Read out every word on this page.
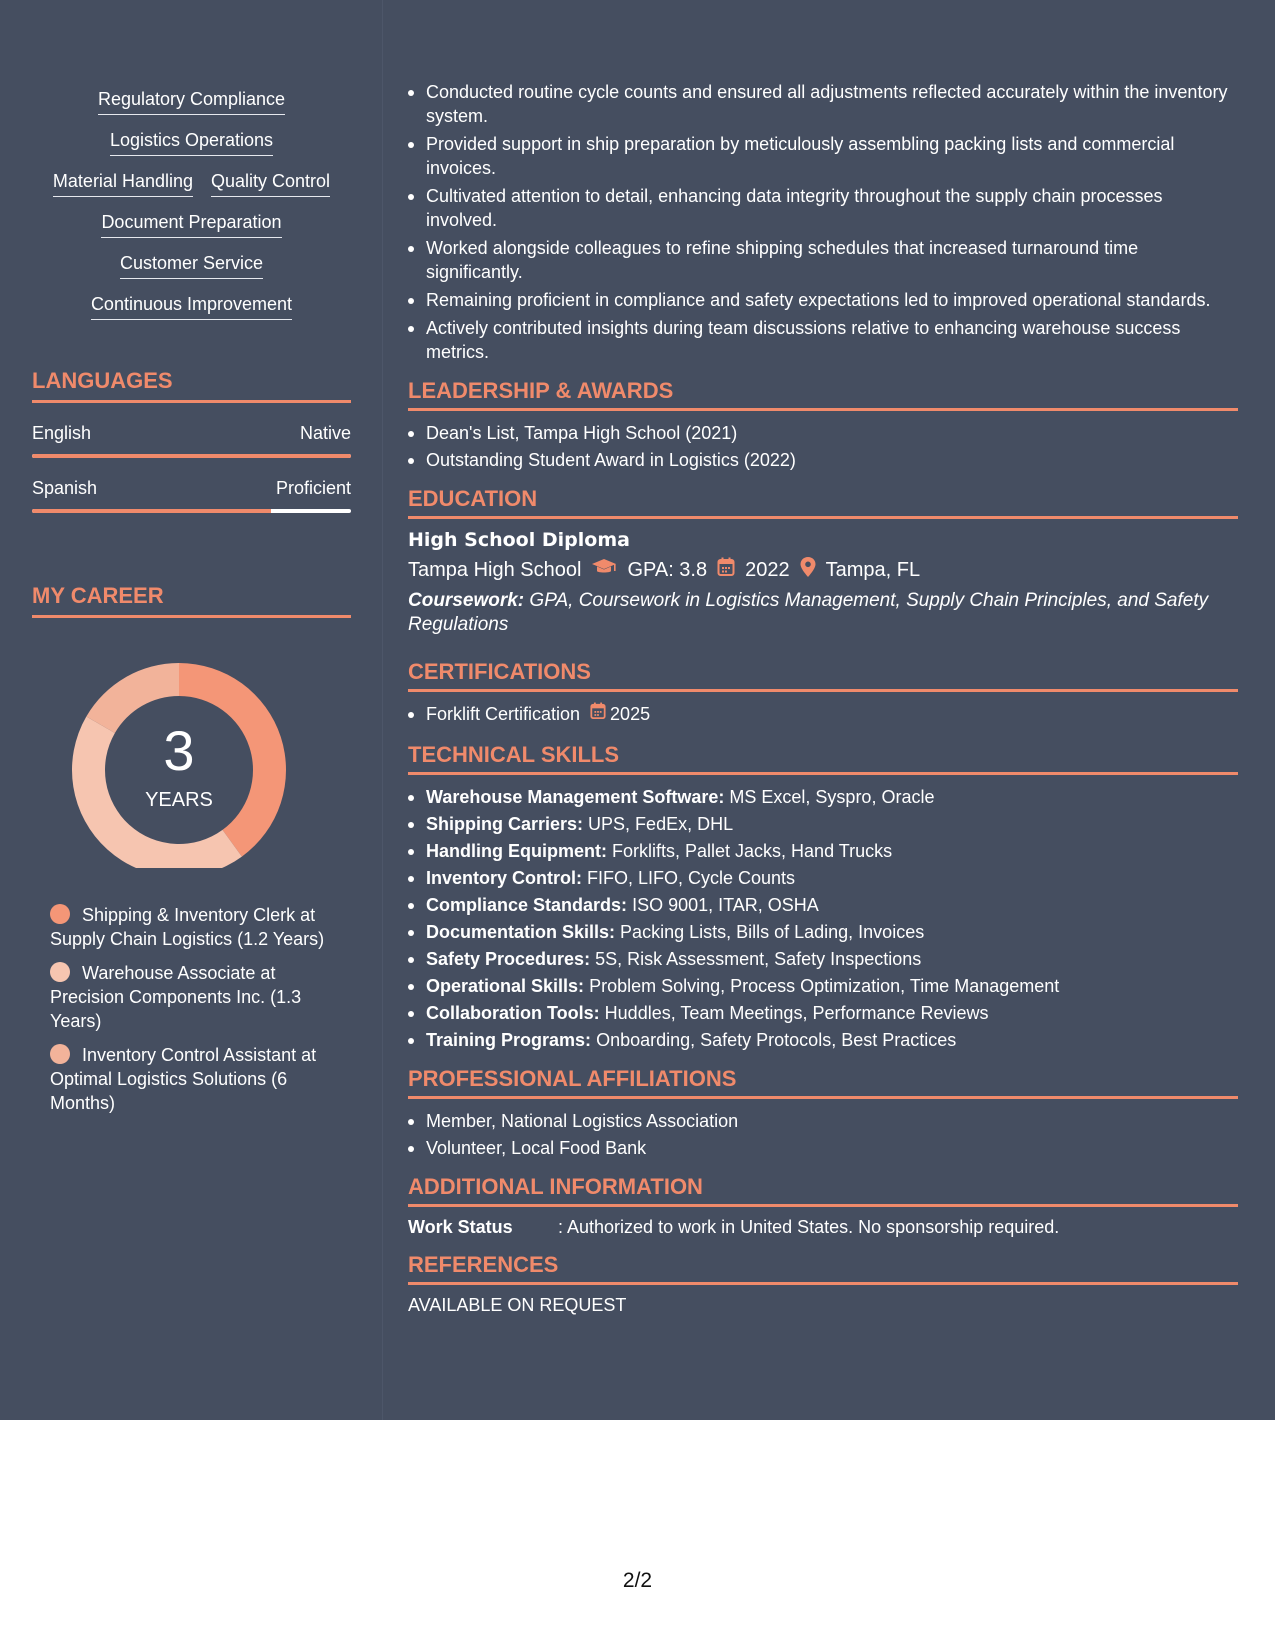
Regulatory Compliance
Logistics Operations
Material Handling Quality Control
Document Preparation
Customer Service
Continuous Improvement
LANGUAGES
English	Native
Spanish	Proficient
MY CAREER
3
YEARS
Shipping & Inventory Clerk at Supply Chain Logistics (1.2 Years)
Warehouse Associate at Precision Components Inc. (1.3 Years)
Inventory Control Assistant at Optimal Logistics Solutions (6 Months)
Conducted routine cycle counts and ensured all adjustments reflected accurately within the inventory system.
Provided support in ship preparation by meticulously assembling packing lists and commercial invoices.
Cultivated attention to detail, enhancing data integrity throughout the supply chain processes involved.
Worked alongside colleagues to refine shipping schedules that increased turnaround time significantly.
Remaining proficient in compliance and safety expectations led to improved operational standards.
Actively contributed insights during team discussions relative to enhancing warehouse success metrics.
LEADERSHIP & AWARDS
Dean's List, Tampa High School (2021)
Outstanding Student Award in Logistics (2022)
EDUCATION
High School Diploma
Tampa High School GPA: 3.8 2022 Tampa, FL
Coursework: GPA, Coursework in Logistics Management, Supply Chain Principles, and Safety Regulations
CERTIFICATIONS
Forklift Certification 2025
TECHNICAL SKILLS
Warehouse Management Software: MS Excel, Syspro, Oracle
Shipping Carriers: UPS, FedEx, DHL
Handling Equipment: Forklifts, Pallet Jacks, Hand Trucks
Inventory Control: FIFO, LIFO, Cycle Counts
Compliance Standards: ISO 9001, ITAR, OSHA
Documentation Skills: Packing Lists, Bills of Lading, Invoices
Safety Procedures: 5S, Risk Assessment, Safety Inspections
Operational Skills: Problem Solving, Process Optimization, Time Management
Collaboration Tools: Huddles, Team Meetings, Performance Reviews
Training Programs: Onboarding, Safety Protocols, Best Practices
PROFESSIONAL AFFILIATIONS
Member, National Logistics Association
Volunteer, Local Food Bank
ADDITIONAL INFORMATION
Work Status	: Authorized to work in United States. No sponsorship required.
REFERENCES
AVAILABLE ON REQUEST
2/2
